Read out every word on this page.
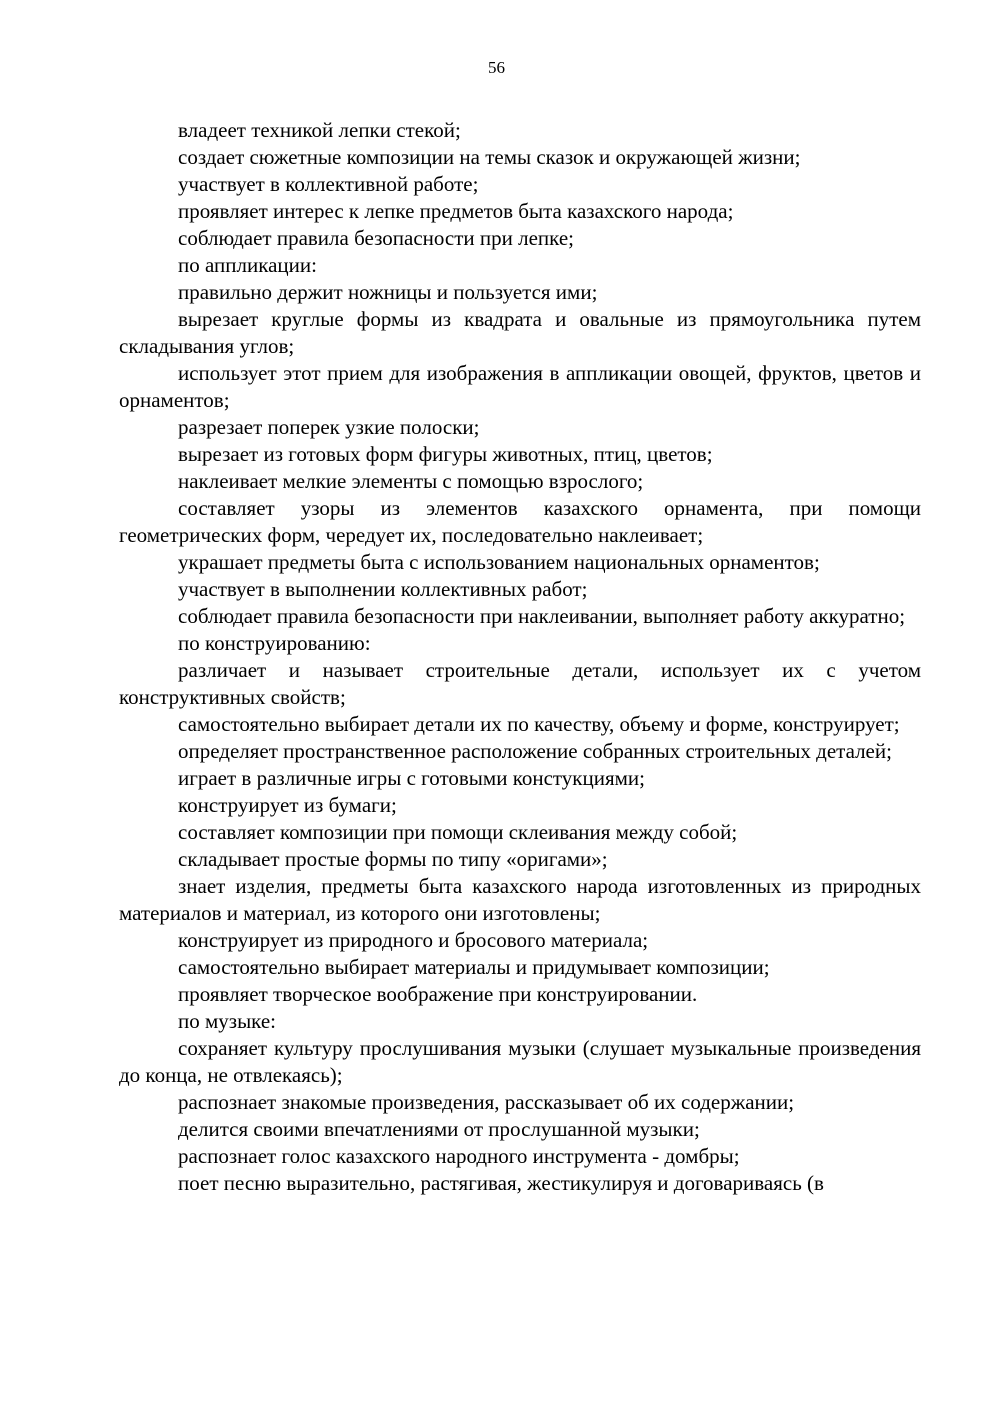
56

владеет техникой лепки стекой;

создает сюжетные композиции на темы сказок и окружающей жизни;

участвует в коллективной работе;

проявляет интерес к лепке предметов быта казахского народа;

соблюдает правила безопасности при лепке;

по аппликации:

правильно держит ножницы и пользуется ими;

вырезает круглые формы из квадрата и овальные из прямоугольника путем складывания углов;

использует этот прием для изображения в аппликации овощей, фруктов, цветов и орнаментов;

разрезает поперек узкие полоски;

вырезает из готовых форм фигуры животных, птиц, цветов;

наклеивает мелкие элементы с помощью взрослого;

составляет узоры из элементов казахского орнамента, при помощи геометрических форм, чередует их, последовательно наклеивает;

украшает предметы быта с использованием национальных орнаментов;

участвует в выполнении коллективных работ;

соблюдает правила безопасности при наклеивании, выполняет работу аккуратно;

по конструированию:

различает и называет строительные детали, использует их с учетом конструктивных свойств;

самостоятельно выбирает детали их по качеству, объему и форме, конструирует;

определяет пространственное расположение собранных строительных деталей;

играет в различные игры с готовыми констукциями;

конструирует из бумаги;

составляет композиции при помощи склеивания между собой;

складывает простые формы по типу «оригами»;

знает изделия, предметы быта казахского народа изготовленных из природных материалов и материал, из которого они изготовлены;

конструирует из природного и бросового материала;

самостоятельно выбирает материалы и придумывает композиции;

проявляет творческое воображение при конструировании.

по музыке:

сохраняет культуру прослушивания музыки (слушает музыкальные произведения до конца, не отвлекаясь);

распознает знакомые произведения, рассказывает об их содержании;

делится своими впечатлениями от прослушанной музыки;

распознает голос казахского народного инструмента - домбры;

поет песню выразительно, растягивая, жестикулируя и договариваясь (в
